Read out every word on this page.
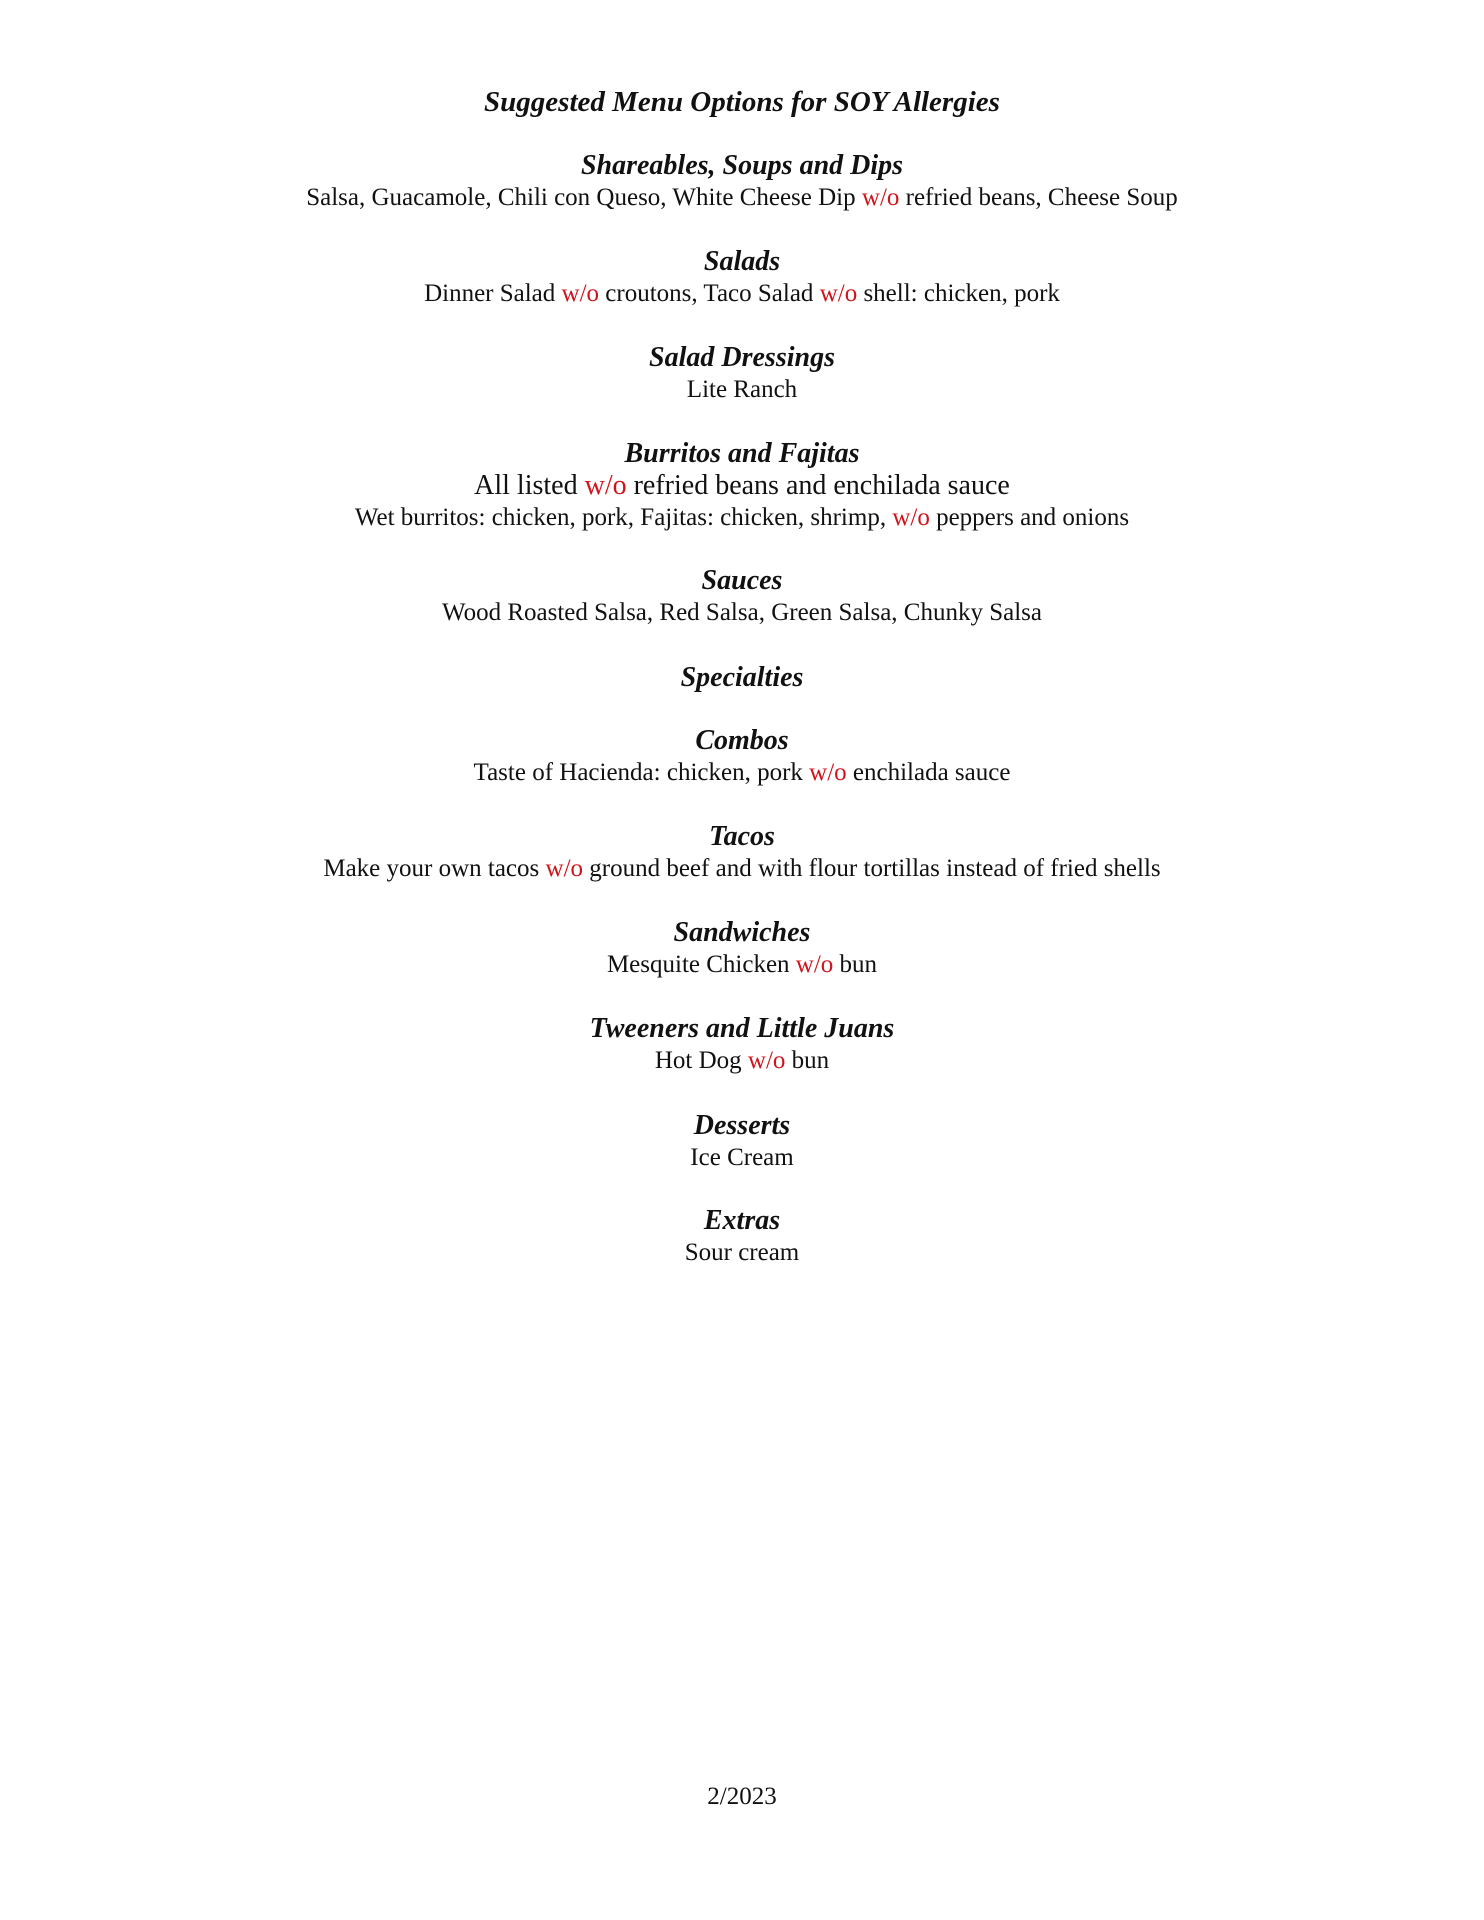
Suggested Menu Options for SOY Allergies
Shareables, Soups and Dips
Salsa, Guacamole, Chili con Queso, White Cheese Dip w/o refried beans, Cheese Soup
Salads
Dinner Salad w/o croutons, Taco Salad w/o shell: chicken, pork
Salad Dressings
Lite Ranch
Burritos and Fajitas
All listed w/o refried beans and enchilada sauce
Wet burritos: chicken, pork, Fajitas: chicken, shrimp, w/o peppers and onions
Sauces
Wood Roasted Salsa, Red Salsa, Green Salsa, Chunky Salsa
Specialties
Combos
Taste of Hacienda: chicken, pork w/o enchilada sauce
Tacos
Make your own tacos w/o ground beef and with flour tortillas instead of fried shells
Sandwiches
Mesquite Chicken w/o bun
Tweeners and Little Juans
Hot Dog w/o bun
Desserts
Ice Cream
Extras
Sour cream
2/2023
